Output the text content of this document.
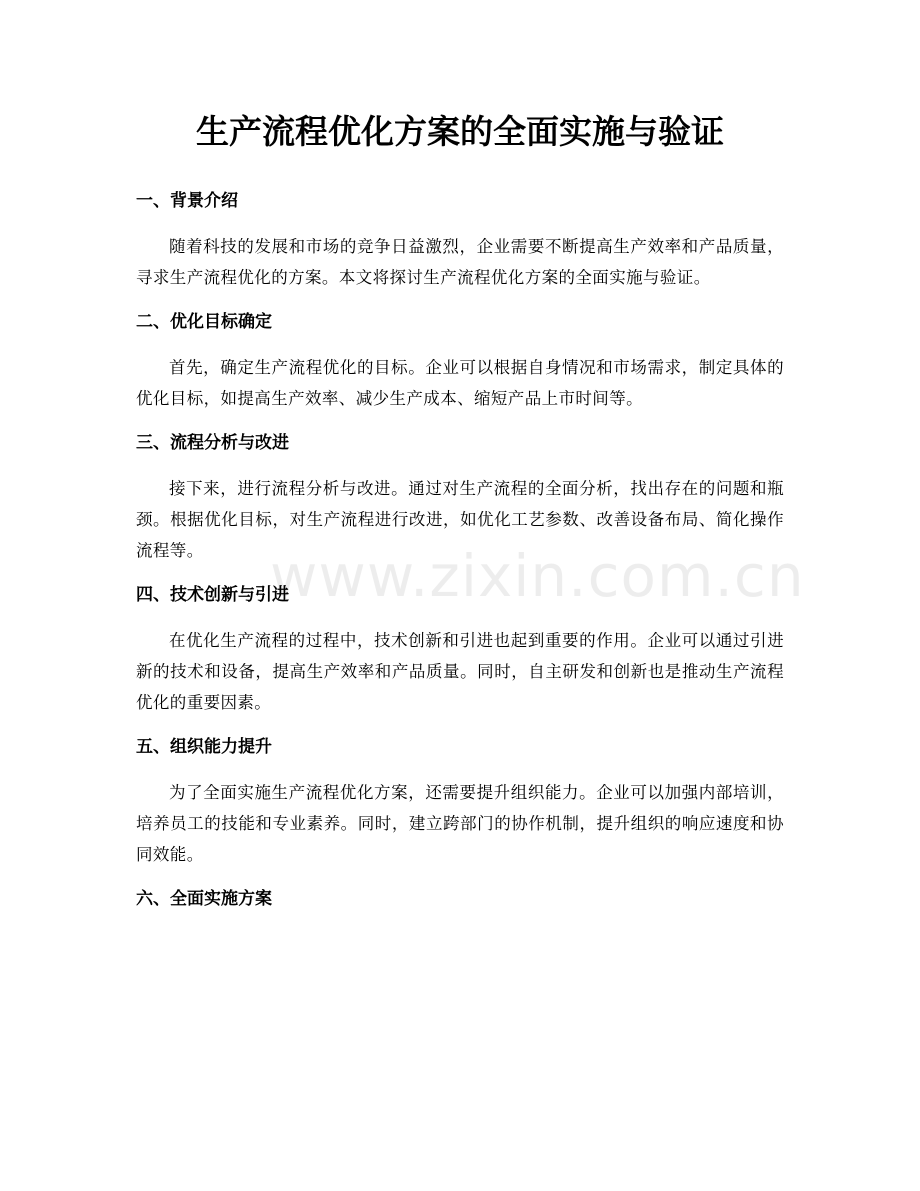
生产流程优化方案的全面实施与验证
一、背景介绍

随着科技的发展和市场的竞争日益激烈，企业需要不断提高生产效率和产品质量，寻求生产流程优化的方案。本文将探讨生产流程优化方案的全面实施与验证。

二、优化目标确定

首先，确定生产流程优化的目标。企业可以根据自身情况和市场需求，制定具体的优化目标，如提高生产效率、减少生产成本、缩短产品上市时间等。

三、流程分析与改进

接下来，进行流程分析与改进。通过对生产流程的全面分析，找出存在的问题和瓶颈。根据优化目标，对生产流程进行改进，如优化工艺参数、改善设备布局、简化操作流程等。

四、技术创新与引进

在优化生产流程的过程中，技术创新和引进也起到重要的作用。企业可以通过引进新的技术和设备，提高生产效率和产品质量。同时，自主研发和创新也是推动生产流程优化的重要因素。

五、组织能力提升

为了全面实施生产流程优化方案，还需要提升组织能力。企业可以加强内部培训，培养员工的技能和专业素养。同时，建立跨部门的协作机制，提升组织的响应速度和协同效能。

六、全面实施方案
www.zixin.com.cn
